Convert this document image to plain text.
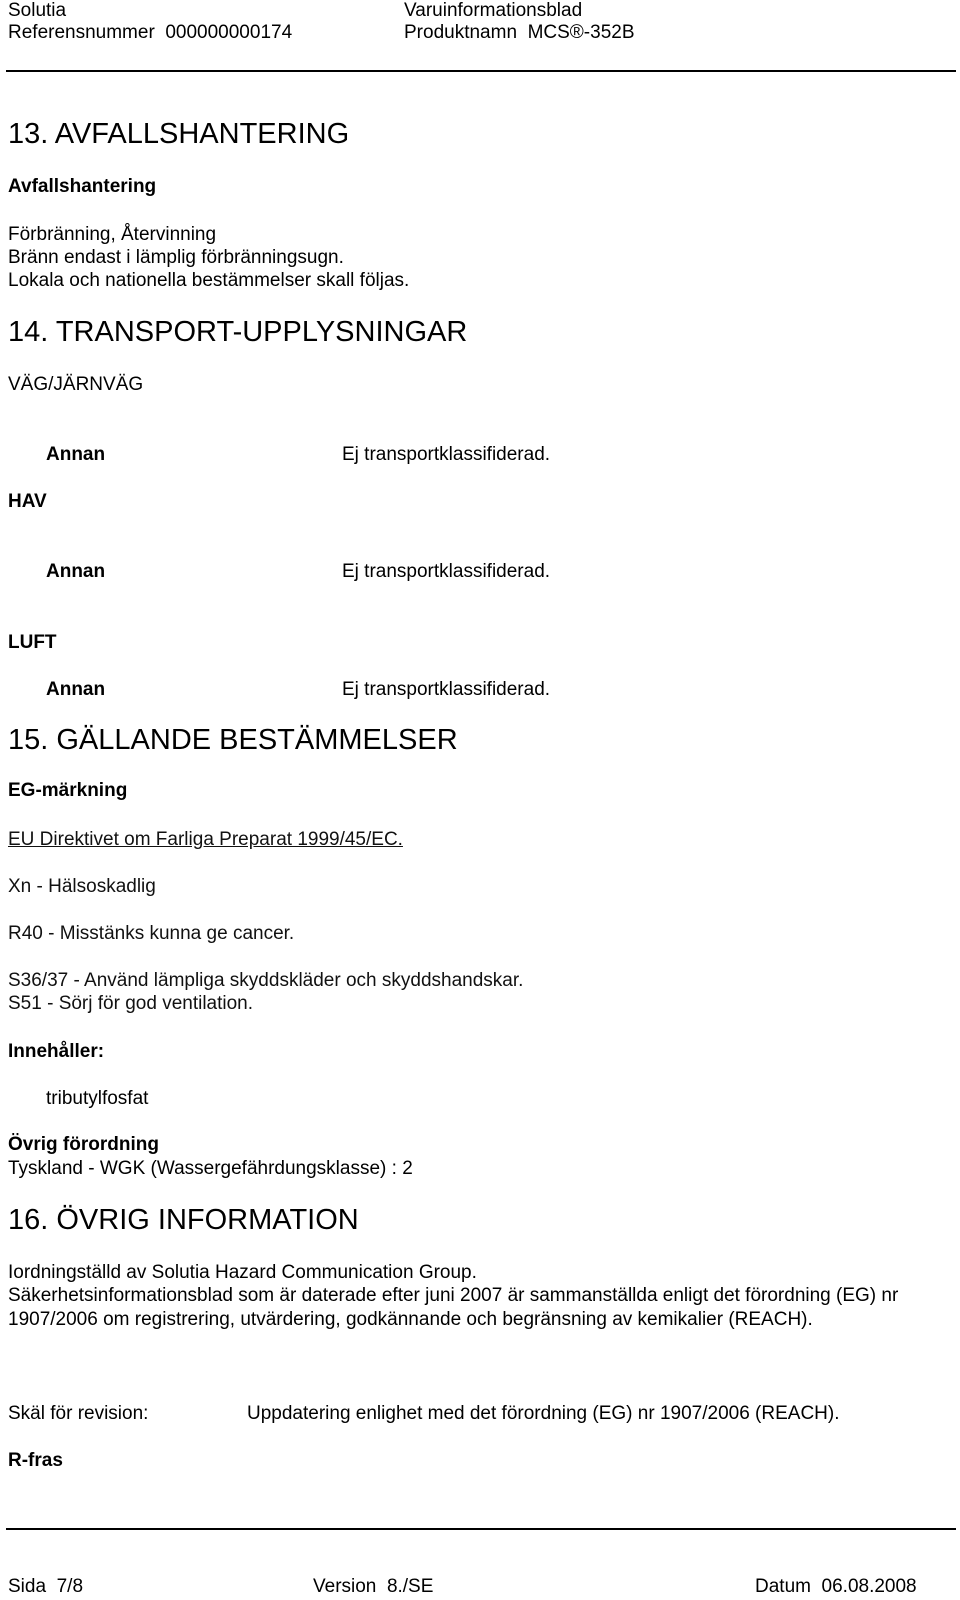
Solutia	Varuinformationsblad
Referensnummer 000000000174	Produktnamn MCS®-352B
13. AVFALLSHANTERING
Avfallshantering
Förbränning, Återvinning
Bränn endast i lämplig förbränningsugn.
Lokala och nationella bestämmelser skall följas.
14. TRANSPORT-UPPLYSNINGAR
VÄG/JÄRNVÄG
Annan	Ej transportklassifiderad.
HAV
Annan	Ej transportklassifiderad.
LUFT
Annan	Ej transportklassifiderad.
15. GÄLLANDE BESTÄMMELSER
EG-märkning
EU Direktivet om Farliga Preparat 1999/45/EC.
Xn - Hälsoskadlig
R40 - Misstänks kunna ge cancer.
S36/37 - Använd lämpliga skyddskläder och skyddshandskar.
S51 - Sörj för god ventilation.
Innehåller:
tributylfosfat
Övrig förordning
Tyskland - WGK (Wassergefährdungsklasse) : 2
16. ÖVRIG INFORMATION
Iordningställd av Solutia Hazard Communication Group.
Säkerhetsinformationsblad som är daterade efter juni 2007 är sammanställda enligt det förordning (EG) nr 1907/2006 om registrering, utvärdering, godkännande och begränsning av kemikalier (REACH).
Skäl för revision:	Uppdatering enlighet med det förordning (EG) nr 1907/2006 (REACH).
R-fras
Sida 7/8	Version 8./SE	Datum 06.08.2008
